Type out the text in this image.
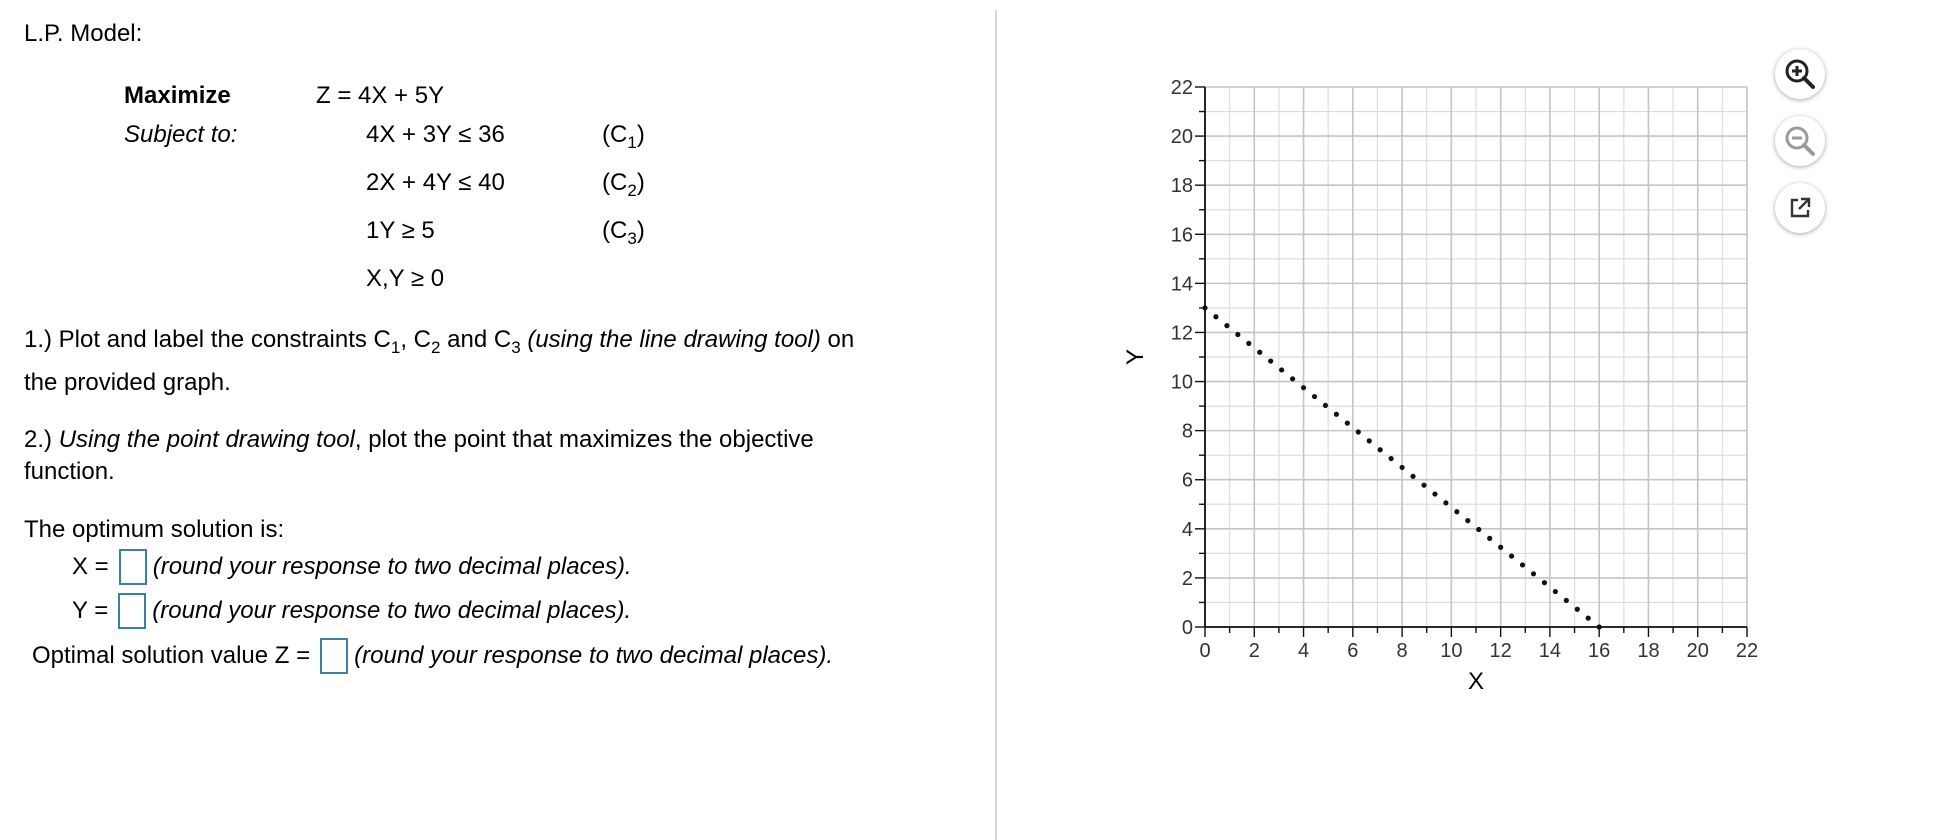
L.P. Model:
Maximize	Z = 4X + 5Y
Subject to:	4X + 3Y ≤ 36	$(C_1)$
2X + 4Y ≤ 40	$(C_2)$
1Y ≥ 5	$(C_3)$
X,Y ≥ 0
1.) Plot and label the constraints $C_1$, $C_2$ and $C_3$ (using the line drawing tool) on
the provided graph.
2.) Using the point drawing tool, plot the point that maximizes the objective
function.
The optimum solution is:
X = (round your response to two decimal places).
Y = (round your response to two decimal places).
Optimal solution value Z = (round your response to two decimal places).	0 2 4 6 8 10 12 14 16 18 20 22
0
2
4
6
8
10
12
14
16
18
20
22
X
Y
